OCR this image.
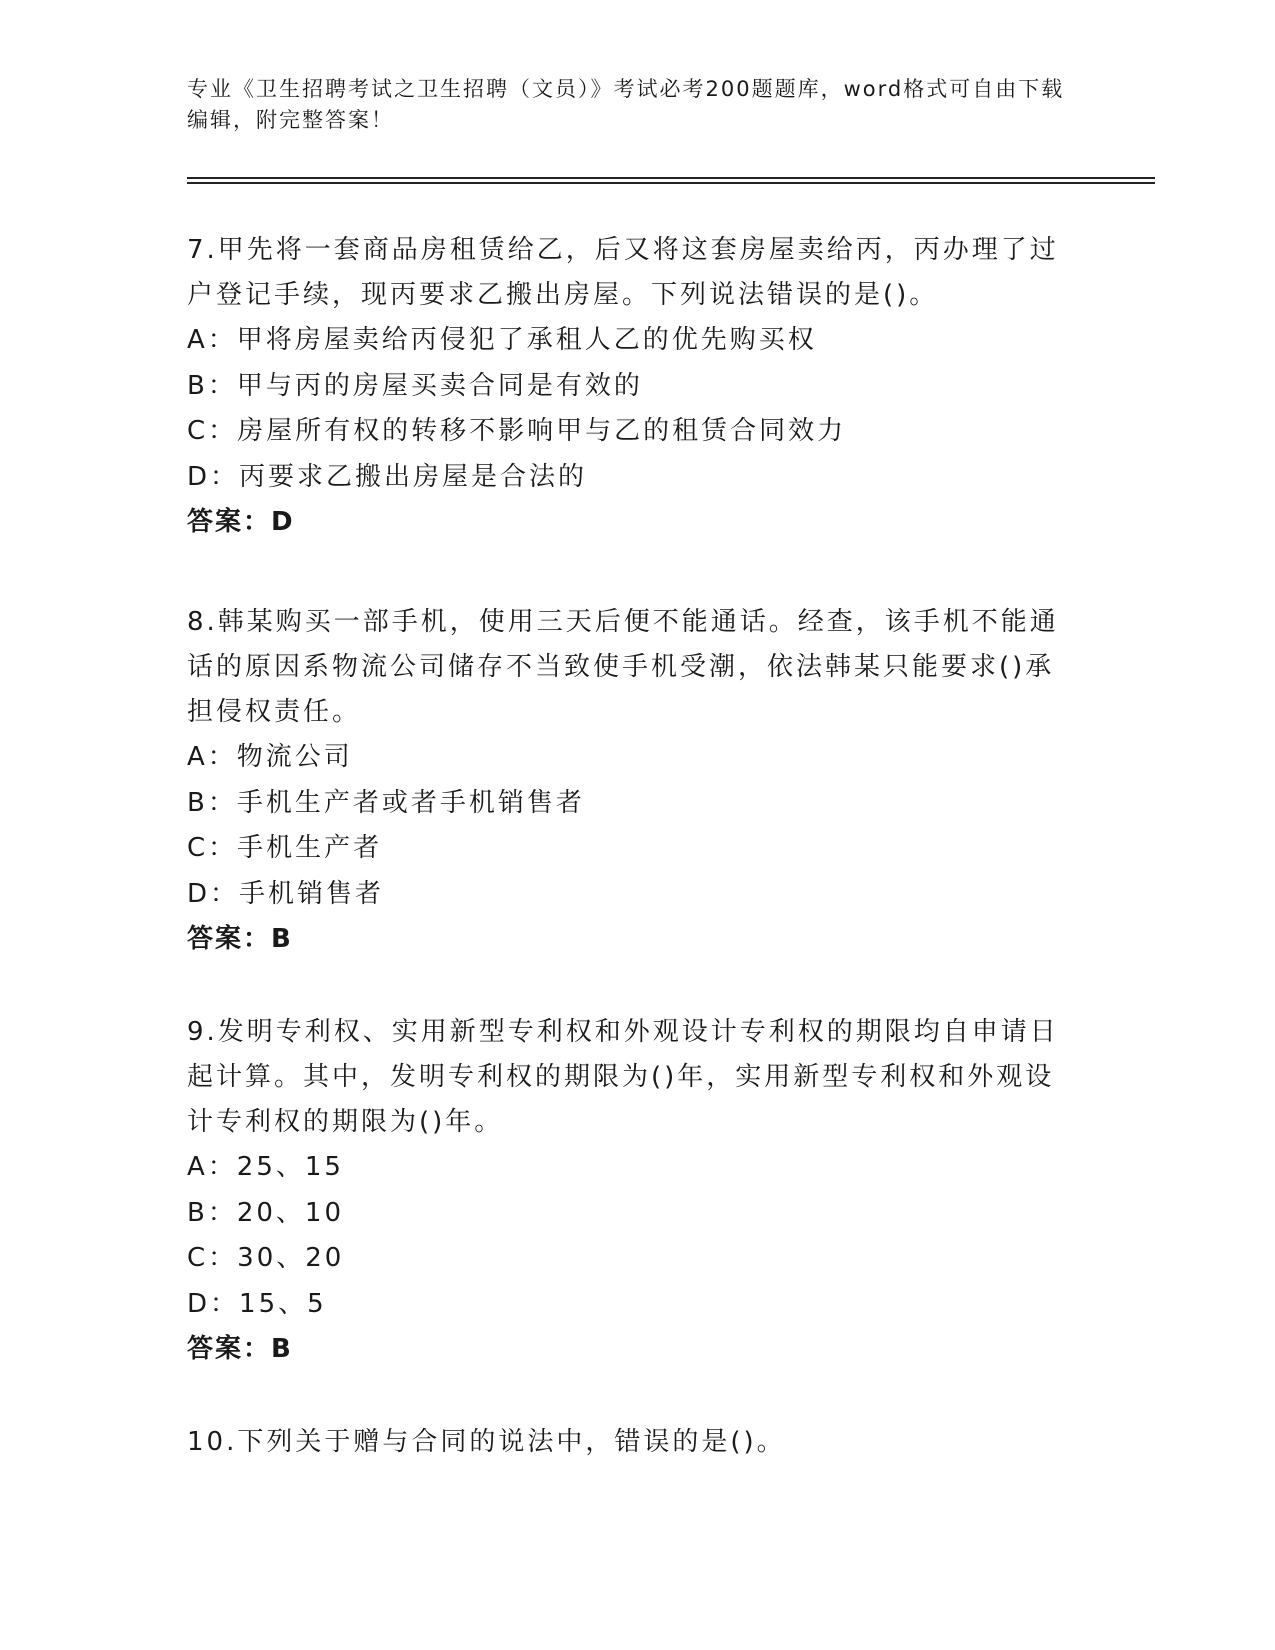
专业《卫生招聘考试之卫生招聘（文员）》考试必考200题题库，word格式可自由下载编辑，附完整答案！
7.甲先将一套商品房租赁给乙，后又将这套房屋卖给丙，丙办理了过户登记手续，现丙要求乙搬出房屋。下列说法错误的是()。
A：甲将房屋卖给丙侵犯了承租人乙的优先购买权
B：甲与丙的房屋买卖合同是有效的
C：房屋所有权的转移不影响甲与乙的租赁合同效力
D：丙要求乙搬出房屋是合法的
答案：D
8.韩某购买一部手机，使用三天后便不能通话。经查，该手机不能通话的原因系物流公司储存不当致使手机受潮，依法韩某只能要求()承担侵权责任。
A：物流公司
B：手机生产者或者手机销售者
C：手机生产者
D：手机销售者
答案：B
9.发明专利权、实用新型专利权和外观设计专利权的期限均自申请日起计算。其中，发明专利权的期限为()年，实用新型专利权和外观设计专利权的期限为()年。
A：25、15
B：20、10
C：30、20
D：15、5
答案：B
10.下列关于赠与合同的说法中，错误的是()。
